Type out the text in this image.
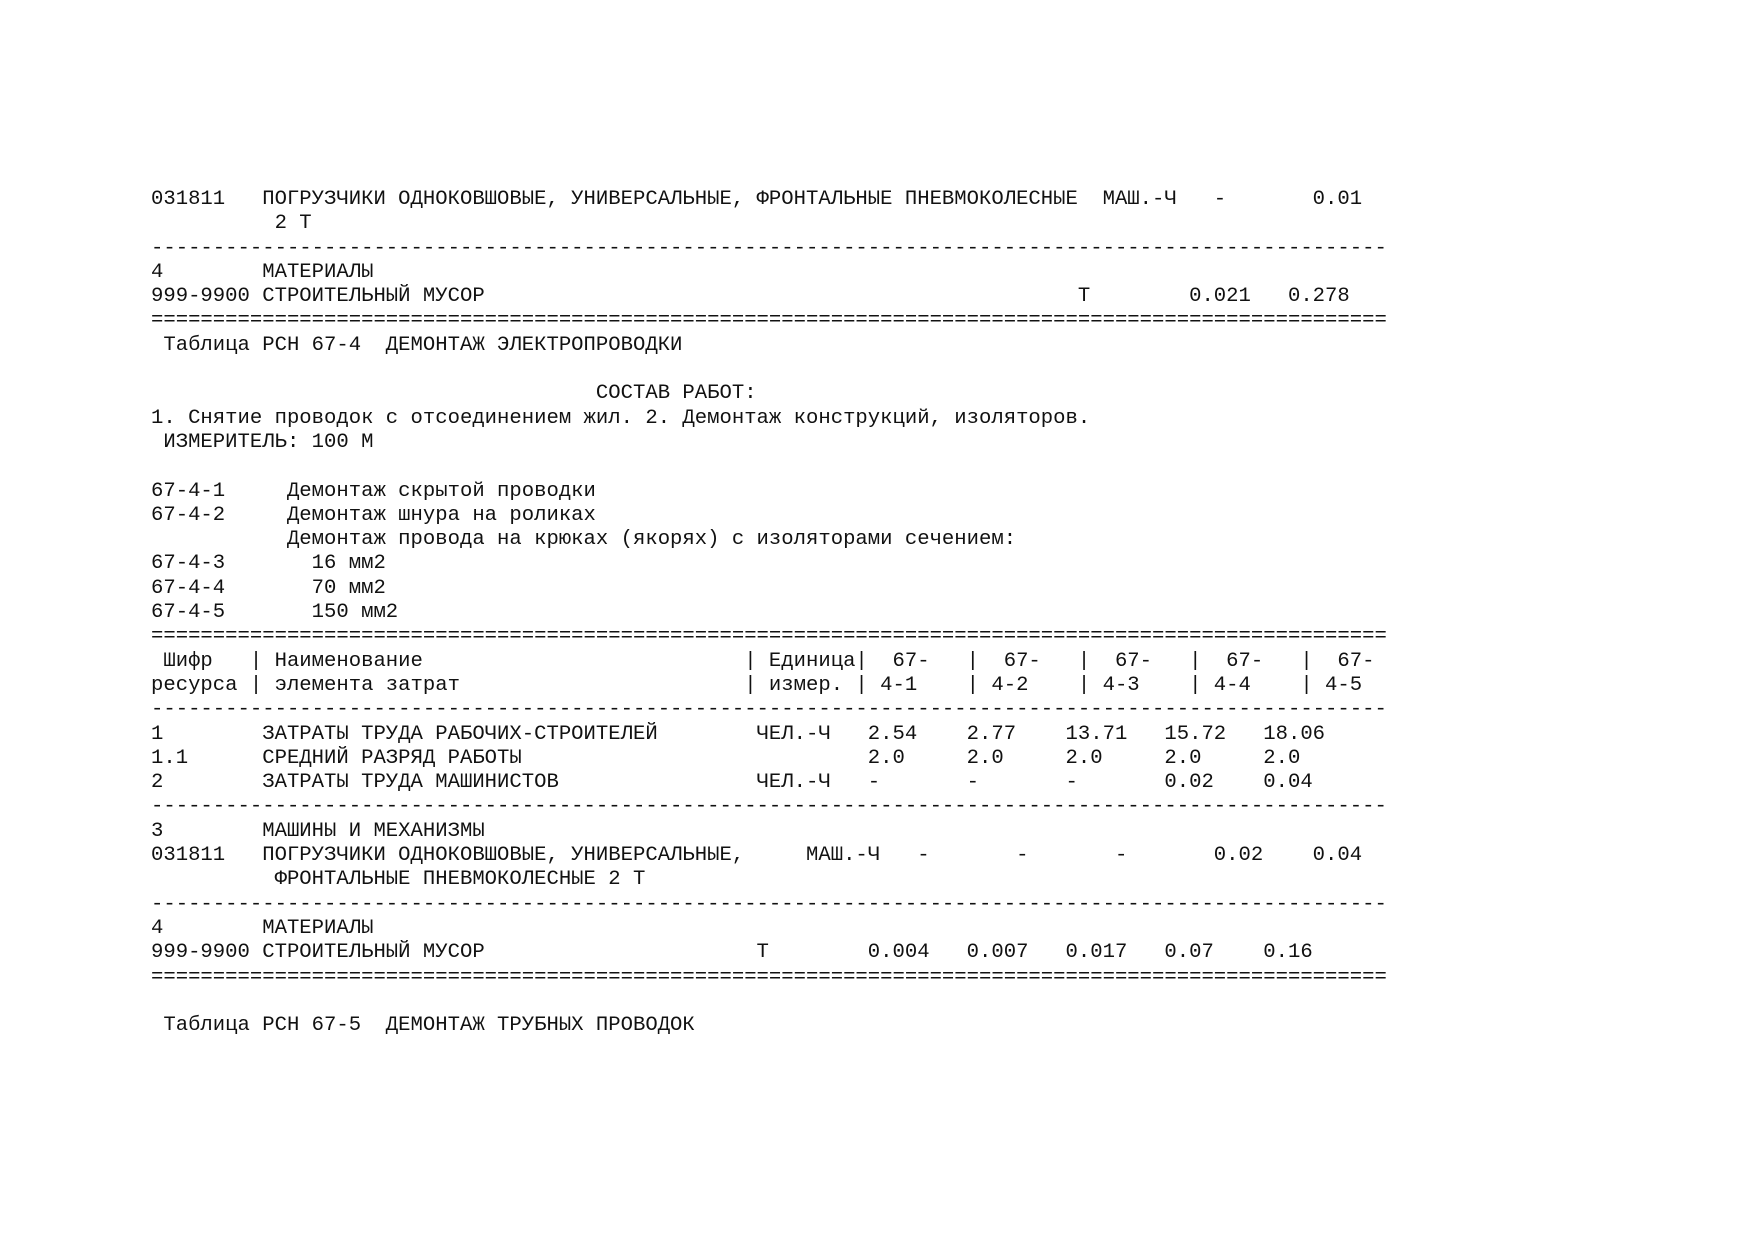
031811   ПОГРУЗЧИКИ ОДНОКОВШОВЫЕ, УНИВЕРСАЛЬНЫЕ, ФРОНТАЛЬНЫЕ ПНЕВМОКОЛЕСНЫЕ  МАШ.-Ч   -       0.01
2 Т
----------------------------------------------------------------------------------------------------
4        МАТЕРИАЛЫ
999-9900 СТРОИТЕЛЬНЫЙ МУСОР                                                Т        0.021   0.278
====================================================================================================
Таблица РСН 67-4  ДЕМОНТАЖ ЭЛЕКТРОПРОВОДКИ
СОСТАВ РАБОТ:
1. Снятие проводок с отсоединением жил. 2. Демонтаж конструкций, изоляторов.
ИЗМЕРИТЕЛЬ: 100 М
67-4-1     Демонтаж скрытой проводки
67-4-2     Демонтаж шнура на роликах
Демонтаж провода на крюках (якорях) с изоляторами сечением:
67-4-3       16 мм2
67-4-4       70 мм2
67-4-5       150 мм2
====================================================================================================
Шифр   | Наименование                          | Единица|  67-   |  67-   |  67-   |  67-   |  67-
ресурса | элемента затрат                       | измер. | 4-1    | 4-2    | 4-3    | 4-4    | 4-5
----------------------------------------------------------------------------------------------------
1        ЗАТРАТЫ ТРУДА РАБОЧИХ-СТРОИТЕЛЕЙ        ЧЕЛ.-Ч   2.54    2.77    13.71   15.72   18.06
1.1      СРЕДНИЙ РАЗРЯД РАБОТЫ                            2.0     2.0     2.0     2.0     2.0
2        ЗАТРАТЫ ТРУДА МАШИНИСТОВ                ЧЕЛ.-Ч   -       -       -       0.02    0.04
----------------------------------------------------------------------------------------------------
3        МАШИНЫ И МЕХАНИЗМЫ
031811   ПОГРУЗЧИКИ ОДНОКОВШОВЫЕ, УНИВЕРСАЛЬНЫЕ,     МАШ.-Ч   -       -       -       0.02    0.04
ФРОНТАЛЬНЫЕ ПНЕВМОКОЛЕСНЫЕ 2 Т
----------------------------------------------------------------------------------------------------
4        МАТЕРИАЛЫ
999-9900 СТРОИТЕЛЬНЫЙ МУСОР                      Т        0.004   0.007   0.017   0.07    0.16
====================================================================================================
Таблица РСН 67-5  ДЕМОНТАЖ ТРУБНЫХ ПРОВОДОК
